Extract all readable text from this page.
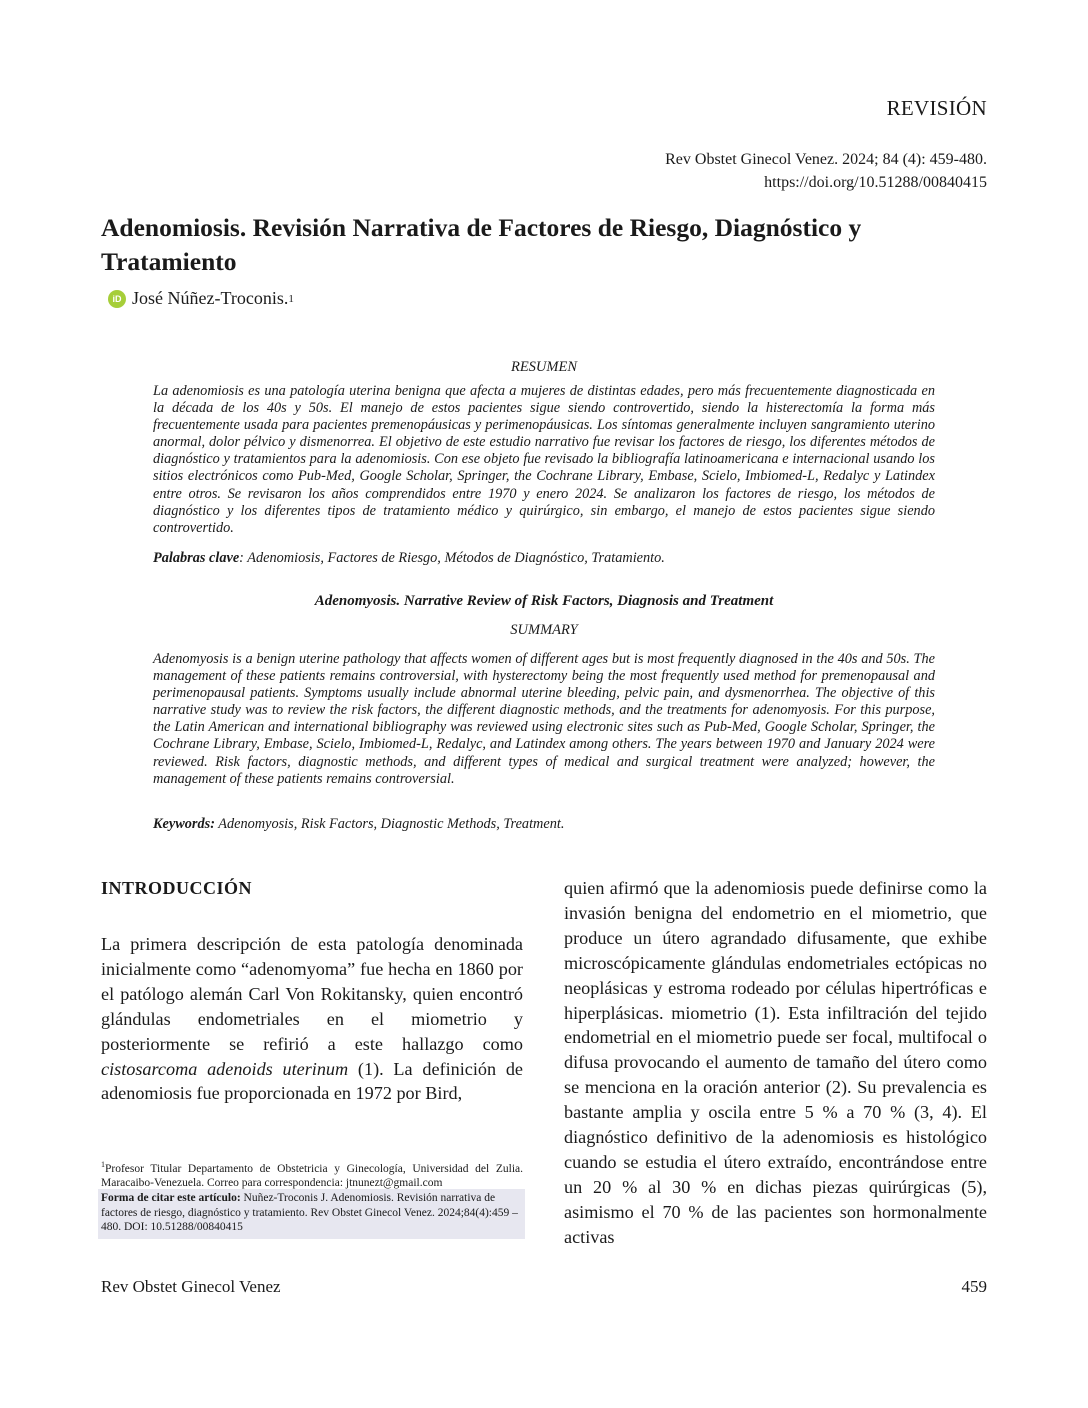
REVISIÓN
Rev Obstet Ginecol Venez. 2024; 84 (4): 459-480.
https://doi.org/10.51288/00840415
Adenomiosis. Revisión Narrativa de Factores de Riesgo, Diagnóstico y Tratamiento
iD José Núñez-Troconis. 1
RESUMEN
La adenomiosis es una patología uterina benigna que afecta a mujeres de distintas edades, pero más frecuentemente diagnosticada en la década de los 40s y 50s. El manejo de estos pacientes sigue siendo controvertido, siendo la histerectomía la forma más frecuentemente usada para pacientes premenopáusicas y perimenopáusicas. Los síntomas generalmente incluyen sangramiento uterino anormal, dolor pélvico y dismenorrea. El objetivo de este estudio narrativo fue revisar los factores de riesgo, los diferentes métodos de diagnóstico y tratamientos para la adenomiosis. Con ese objeto fue revisado la bibliografía latinoamericana e internacional usando los sitios electrónicos como Pub-Med, Google Scholar, Springer, the Cochrane Library, Embase, Scielo, Imbiomed-L, Redalyc y Latindex entre otros. Se revisaron los años comprendidos entre 1970 y enero 2024. Se analizaron los factores de riesgo, los métodos de diagnóstico y los diferentes tipos de tratamiento médico y quirúrgico, sin embargo, el manejo de estos pacientes sigue siendo controvertido.
Palabras clave: Adenomiosis, Factores de Riesgo, Métodos de Diagnóstico, Tratamiento.
Adenomyosis. Narrative Review of Risk Factors, Diagnosis and Treatment
SUMMARY
Adenomyosis is a benign uterine pathology that affects women of different ages but is most frequently diagnosed in the 40s and 50s. The management of these patients remains controversial, with hysterectomy being the most frequently used method for premenopausal and perimenopausal patients. Symptoms usually include abnormal uterine bleeding, pelvic pain, and dysmenorrhea. The objective of this narrative study was to review the risk factors, the different diagnostic methods, and the treatments for adenomyosis. For this purpose, the Latin American and international bibliography was reviewed using electronic sites such as Pub-Med, Google Scholar, Springer, the Cochrane Library, Embase, Scielo, Imbiomed-L, Redalyc, and Latindex among others. The years between 1970 and January 2024 were reviewed. Risk factors, diagnostic methods, and different types of medical and surgical treatment were analyzed; however, the management of these patients remains controversial.
Keywords: Adenomyosis, Risk Factors, Diagnostic Methods, Treatment.
INTRODUCCIÓN
La primera descripción de esta patología denominada inicialmente como “adenomyoma” fue hecha en 1860 por el patólogo alemán Carl Von Rokitansky, quien encontró glándulas endometriales en el miometrio y posteriormente se refirió a este hallazgo como cistosarcoma adenoids uterinum (1). La definición de adenomiosis fue proporcionada en 1972 por Bird,
quien afirmó que la adenomiosis puede definirse como la invasión benigna del endometrio en el miometrio, que produce un útero agrandado difusamente, que exhibe microscópicamente glándulas endometriales ectópicas no neoplásicas y estroma rodeado por células hipertróficas e hiperplásicas. miometrio (1). Esta infiltración del tejido endometrial en el miometrio puede ser focal, multifocal o difusa provocando el aumento de tamaño del útero como se menciona en la oración anterior (2). Su prevalencia es bastante amplia y oscila entre 5 % a 70 % (3, 4). El diagnóstico definitivo de la adenomiosis es histológico cuando se estudia el útero extraído, encontrándose entre un 20 % al 30 % en dichas piezas quirúrgicas (5), asimismo el 70 % de las pacientes son hormonalmente activas
$^1$Profesor Titular Departamento de Obstetricia y Ginecología, Universidad del Zulia. Maracaibo-Venezuela. Correo para correspondencia: jtnunezt@gmail.com
Forma de citar este artículo: Nuñez-Troconis J. Adenomiosis. Revisión narrativa de factores de riesgo, diagnóstico y tratamiento. Rev Obstet Ginecol Venez. 2024;84(4):459 – 480. DOI: 10.51288/00840415
Rev Obstet Ginecol Venez	459
